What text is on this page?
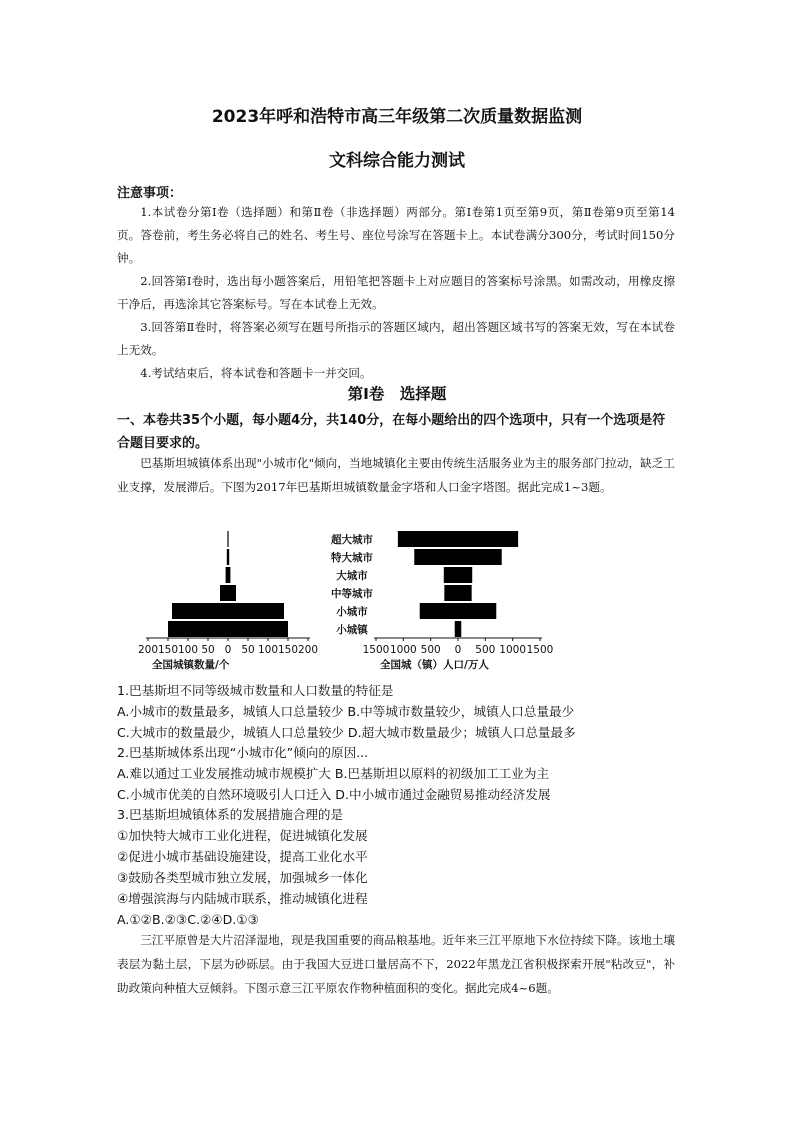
2023年呼和浩特市高三年级第二次质量数据监测
文科综合能力测试
注意事项：

1.本试卷分第Ⅰ卷（选择题）和第Ⅱ卷（非选择题）两部分。第Ⅰ卷第1页至第9页，第Ⅱ卷第9页至第14页。答卷前，考生务必将自己的姓名、考生号、座位号涂写在答题卡上。本试卷满分300分，考试时间150分钟。

2.回答第Ⅰ卷时，选出每小题答案后，用铅笔把答题卡上对应题目的答案标号涂黑。如需改动，用橡皮擦干净后，再选涂其它答案标号。写在本试卷上无效。

3.回答第Ⅱ卷时，将答案必须写在题号所指示的答题区域内，超出答题区域书写的答案无效，写在本试卷上无效。

4.考试结束后，将本试卷和答题卡一并交回。

第Ⅰ卷　选择题
一、本卷共35个小题，每小题4分，共140分，在每小题给出的四个选项中，只有一个选项是符合题目要求的。

巴基斯坦城镇体系出现"小城市化"倾向，当地城镇化主要由传统生活服务业为主的服务部门拉动，缺乏工业支撑，发展滞后。下图为2017年巴基斯坦城镇数量金字塔和人口金字塔图。据此完成1~3题。

200 150 100 50 0 50 100 150 200
全国城镇数量/个
1500 1000 500 0 500 1000 1500
全国城（镇）人口/万人
超大城市
特大城市
大城市
中等城市
小城市
小城镇
1.巴基斯坦不同等级城市数量和人口数量的特征是
A.小城市的数量最多，城镇人口总量较少 B.中等城市数量较少，城镇人口总量最少
C.大城市的数量最少，城镇人口总量较少 D.超大城市数量最少；城镇人口总量最多
2.巴基斯城体系出现“小城市化”倾向的原因...
A.难以通过工业发展推动城市规模扩大 B.巴基斯坦以原料的初级加工工业为主
C.小城市优美的自然环境吸引人口迁入 D.中小城市通过金融贸易推动经济发展
3.巴基斯坦城镇体系的发展措施合理的是
①加快特大城市工业化进程，促进城镇化发展
②促进小城市基础设施建设，提高工业化水平
③鼓励各类型城市独立发展，加强城乡一体化
④增强滨海与内陆城市联系，推动城镇化进程
A.①②B.②③C.②④D.①③

三江平原曾是大片沼泽湿地，现是我国重要的商品粮基地。近年来三江平原地下水位持续下降。该地土壤表层为黏土层，下层为砂砾层。由于我国大豆进口量居高不下，2022年黑龙江省积极探索开展"粘改豆"，补助政策向种植大豆倾斜。下图示意三江平原农作物种植面积的变化。据此完成4~6题。
